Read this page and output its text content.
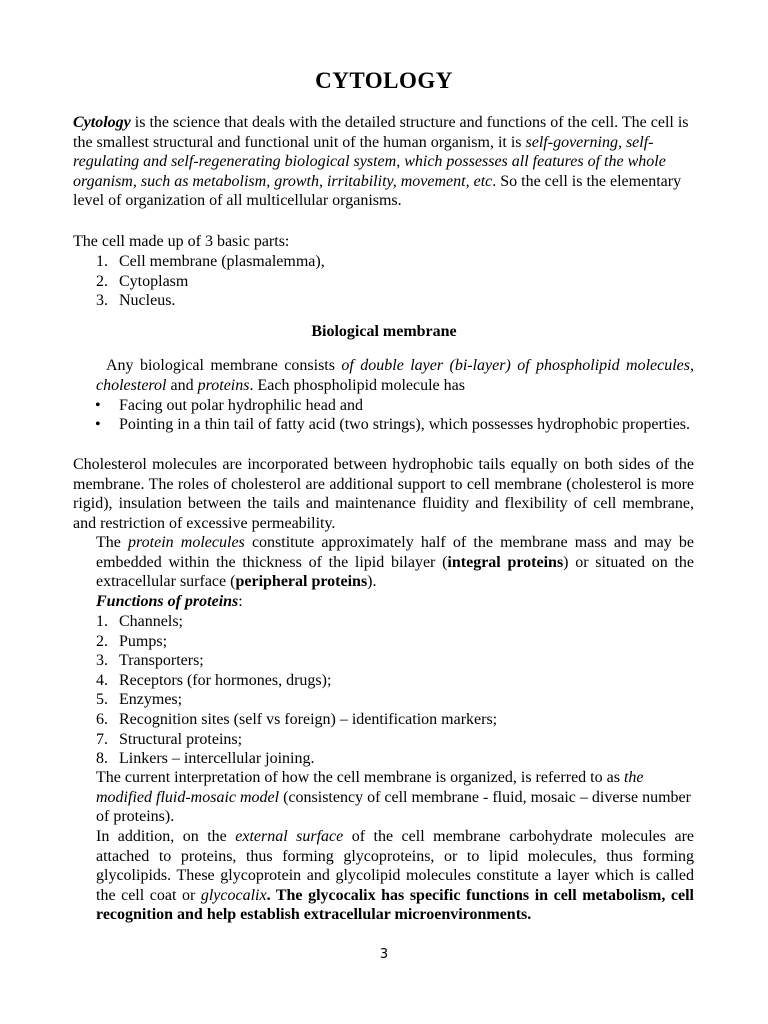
CYTOLOGY
Cytology is the science that deals with the detailed structure and functions of the cell. The cell is the smallest structural and functional unit of the human organism, it is self-governing, self-regulating and self-regenerating biological system, which possesses all features of the whole organism, such as metabolism, growth, irritability, movement, etc. So the cell is the elementary level of organization of all multicellular organisms.
The cell made up of 3 basic parts:
1. Cell membrane (plasmalemma),
2. Cytoplasm
3. Nucleus.
Biological membrane
Any biological membrane consists of double layer (bi-layer) of phospholipid molecules, cholesterol and proteins. Each phospholipid molecule has
• Facing out polar hydrophilic head and
• Pointing in a thin tail of fatty acid (two strings), which possesses hydrophobic properties.
Cholesterol molecules are incorporated between hydrophobic tails equally on both sides of the membrane. The roles of cholesterol are additional support to cell membrane (cholesterol is more rigid), insulation between the tails and maintenance fluidity and flexibility of cell membrane, and restriction of excessive permeability.
The protein molecules constitute approximately half of the membrane mass and may be embedded within the thickness of the lipid bilayer (integral proteins) or situated on the extracellular surface (peripheral proteins).
Functions of proteins:
1. Channels;
2. Pumps;
3. Transporters;
4. Receptors (for hormones, drugs);
5. Enzymes;
6. Recognition sites (self vs foreign) – identification markers;
7. Structural proteins;
8. Linkers – intercellular joining.
The current interpretation of how the cell membrane is organized, is referred to as the modified fluid-mosaic model (consistency of cell membrane - fluid, mosaic – diverse number of proteins).
In addition, on the external surface of the cell membrane carbohydrate molecules are attached to proteins, thus forming glycoproteins, or to lipid molecules, thus forming glycolipids. These glycoprotein and glycolipid molecules constitute a layer which is called the cell coat or glycocalix. The glycocalix has specific functions in cell metabolism, cell recognition and help establish extracellular microenvironments.
3
